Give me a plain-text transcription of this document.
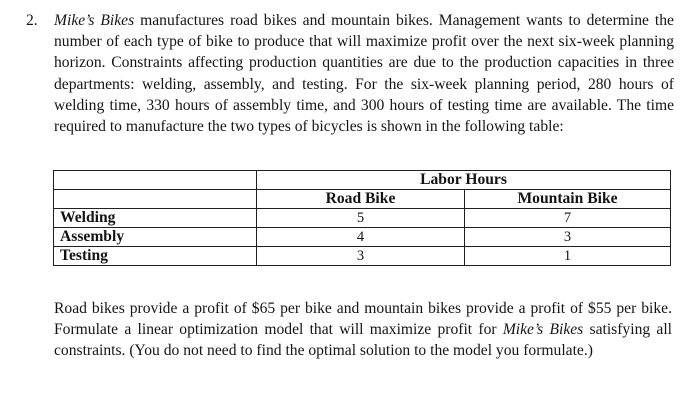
2. Mike’s Bikes manufactures road bikes and mountain bikes. Management wants to determine the number of each type of bike to produce that will maximize profit over the next six-week planning horizon. Constraints affecting production quantities are due to the production capacities in three departments: welding, assembly, and testing. For the six-week planning period, 280 hours of welding time, 330 hours of assembly time, and 300 hours of testing time are available. The time required to manufacture the two types of bicycles is shown in the following table:

	Labor Hours	
	Road Bike	Mountain Bike
Welding	5	7
Assembly	4	3
Testing	3	1

Road bikes provide a profit of $65 per bike and mountain bikes provide a profit of $55 per bike. Formulate a linear optimization model that will maximize profit for Mike’s Bikes satisfying all constraints. (You do not need to find the optimal solution to the model you formulate.)
